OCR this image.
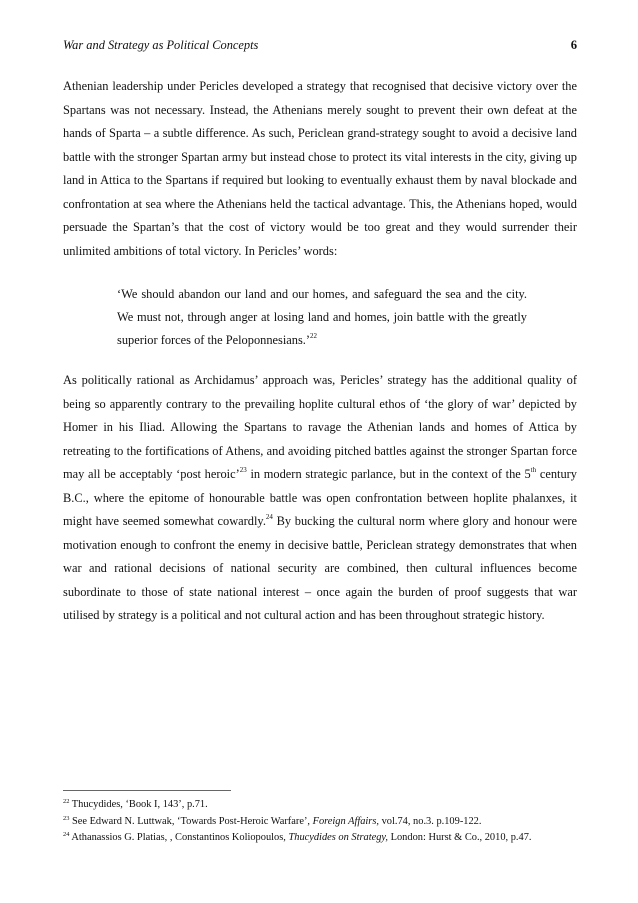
War and Strategy as Political Concepts	6

Athenian leadership under Pericles developed a strategy that recognised that decisive victory over the Spartans was not necessary. Instead, the Athenians merely sought to prevent their own defeat at the hands of Sparta – a subtle difference. As such, Periclean grand-strategy sought to avoid a decisive land battle with the stronger Spartan army but instead chose to protect its vital interests in the city, giving up land in Attica to the Spartans if required but looking to eventually exhaust them by naval blockade and confrontation at sea where the Athenians held the tactical advantage. This, the Athenians hoped, would persuade the Spartan’s that the cost of victory would be too great and they would surrender their unlimited ambitions of total victory. In Pericles’ words:

‘We should abandon our land and our homes, and safeguard the sea and the city. We must not, through anger at losing land and homes, join battle with the greatly superior forces of the Peloponnesians.’$^{22}$

As politically rational as Archidamus’ approach was, Pericles’ strategy has the additional quality of being so apparently contrary to the prevailing hoplite cultural ethos of ‘the glory of war’ depicted by Homer in his Iliad. Allowing the Spartans to ravage the Athenian lands and homes of Attica by retreating to the fortifications of Athens, and avoiding pitched battles against the stronger Spartan force may all be acceptably ‘post heroic’$^{23}$ in modern strategic parlance, but in the context of the 5th century B.C., where the epitome of honourable battle was open confrontation between hoplite phalanxes, it might have seemed somewhat cowardly.$^{24}$ By bucking the cultural norm where glory and honour were motivation enough to confront the enemy in decisive battle, Periclean strategy demonstrates that when war and rational decisions of national security are combined, then cultural influences become subordinate to those of state national interest – once again the burden of proof suggests that war utilised by strategy is a political and not cultural action and has been throughout strategic history.

$^{22}$ Thucydides, ‘Book I, 143’, p.71.
$^{23}$ See Edward N. Luttwak, ‘Towards Post-Heroic Warfare’, Foreign Affairs, vol.74, no.3. p.109-122.
$^{24}$ Athanassios G. Platias, , Constantinos Koliopoulos, Thucydides on Strategy, London: Hurst & Co., 2010, p.47.
